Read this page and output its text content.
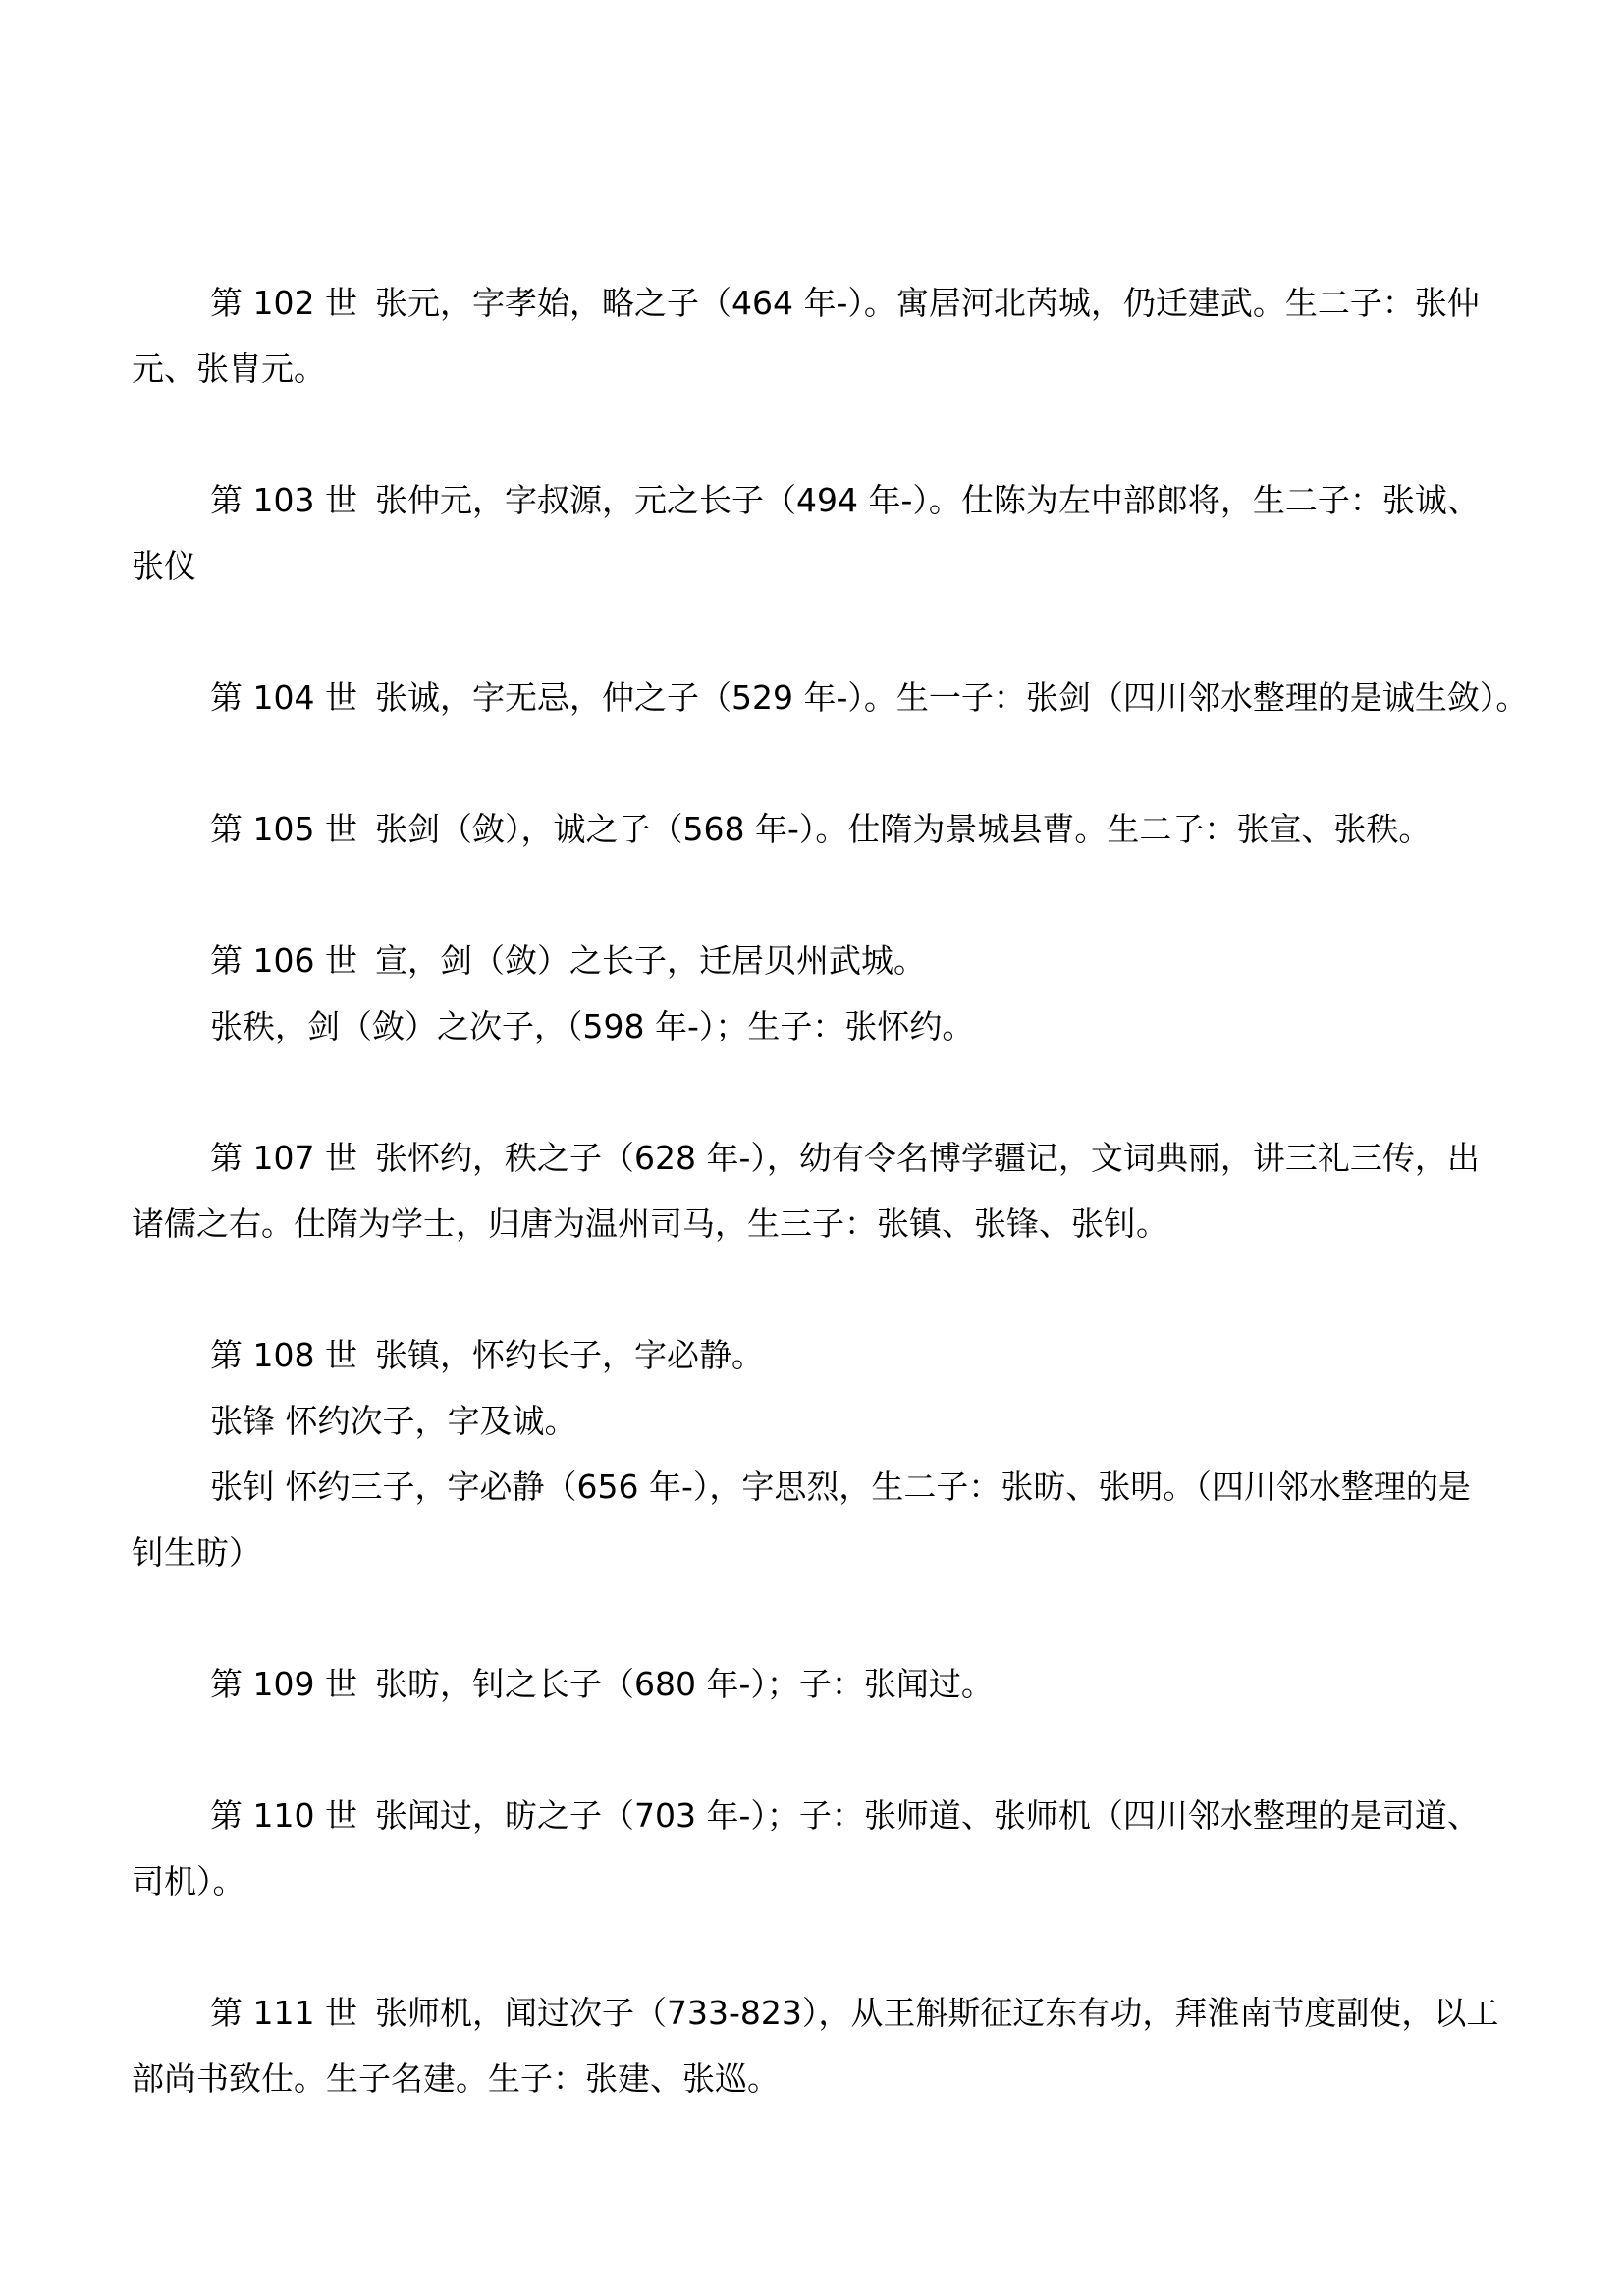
第 102 世 张元，字孝始，略之子（464 年-）。寓居河北芮城，仍迁建武。生二子：张仲
元、张胄元。
第 103 世 张仲元，字叔源，元之长子（494 年-）。仕陈为左中部郎将，生二子：张诚、
张仪
第 104 世 张诚，字无忌，仲之子（529 年-）。生一子：张剑（四川邻水整理的是诚生敛）。
第 105 世 张剑（敛），诚之子（568 年-）。仕隋为景城县曹。生二子：张宣、张秩。
第 106 世 宣，剑（敛）之长子，迁居贝州武城。
张秩，剑（敛）之次子，（598 年-）；生子：张怀约。
第 107 世 张怀约，秩之子（628 年-），幼有令名博学疆记，文词典丽，讲三礼三传，出
诸儒之右。仕隋为学士，归唐为温州司马，生三子：张镇、张锋、张钊。
第 108 世 张镇，怀约长子，字必静。
张锋 怀约次子，字及诚。
张钊 怀约三子，字必静（656 年-），字思烈，生二子：张昉、张明。（四川邻水整理的是
钊生昉）
第 109 世 张昉，钊之长子（680 年-）；子：张闻过。
第 110 世 张闻过，昉之子（703 年-）；子：张师道、张师机（四川邻水整理的是司道、
司机）。
第 111 世 张师机，闻过次子（733-823），从王斛斯征辽东有功，拜淮南节度副使，以工
部尚书致仕。生子名建。生子：张建、张巡。
